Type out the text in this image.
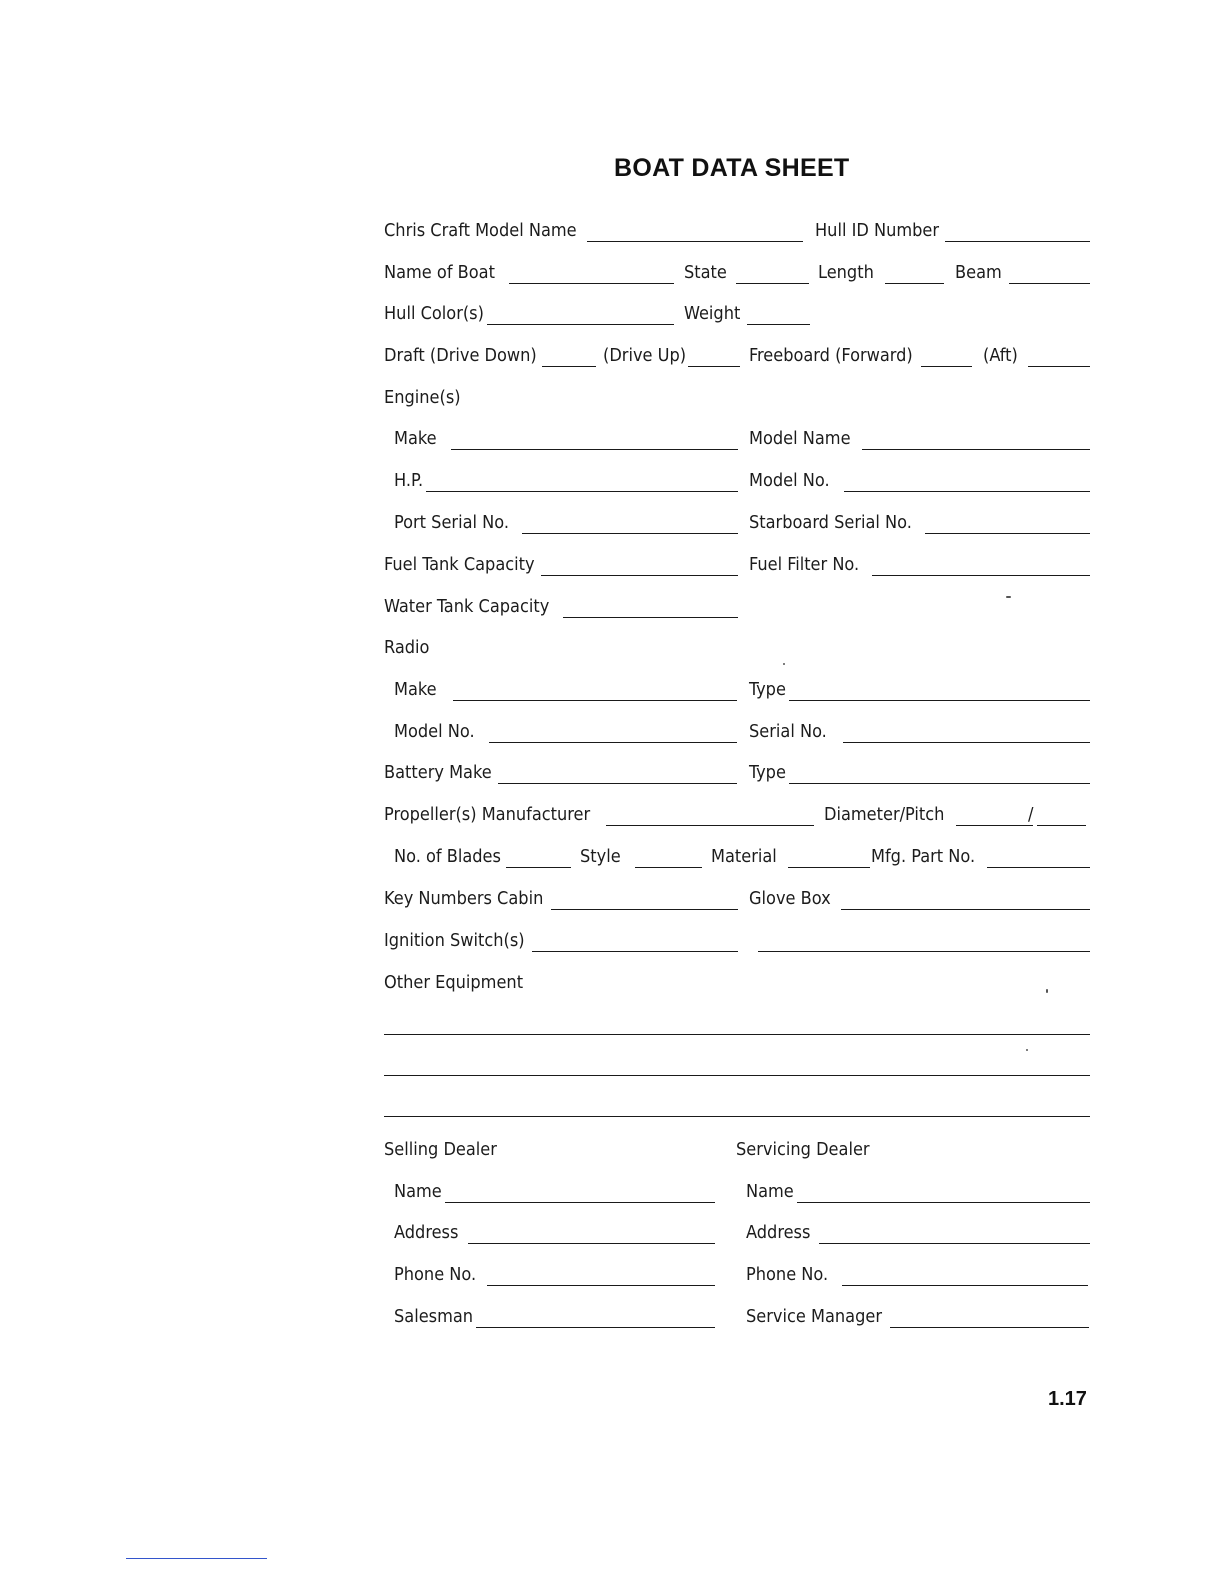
BOAT DATA SHEET
Chris Craft Model Name	Hull ID Number
Name of Boat	State	Length	Beam
Hull Color(s)	Weight
Draft (Drive Down)	(Drive Up)	Freeboard (Forward)	(Aft)
Engine(s)
Make	Model Name
H.P.	Model No.
Port Serial No.	Starboard Serial No.
Fuel Tank Capacity	Fuel Filter No.
Water Tank Capacity
Radio
Make	Type
Model No.	Serial No.
Battery Make	Type
Propeller(s) Manufacturer	Diameter/Pitch	/
No. of Blades	Style	Material	Mfg. Part No.
Key Numbers Cabin	Glove Box
Ignition Switch(s)
Other Equipment
Selling Dealer	Servicing Dealer
Name	Name
Address	Address
Phone No.	Phone No.
Salesman	Service Manager
1.17
